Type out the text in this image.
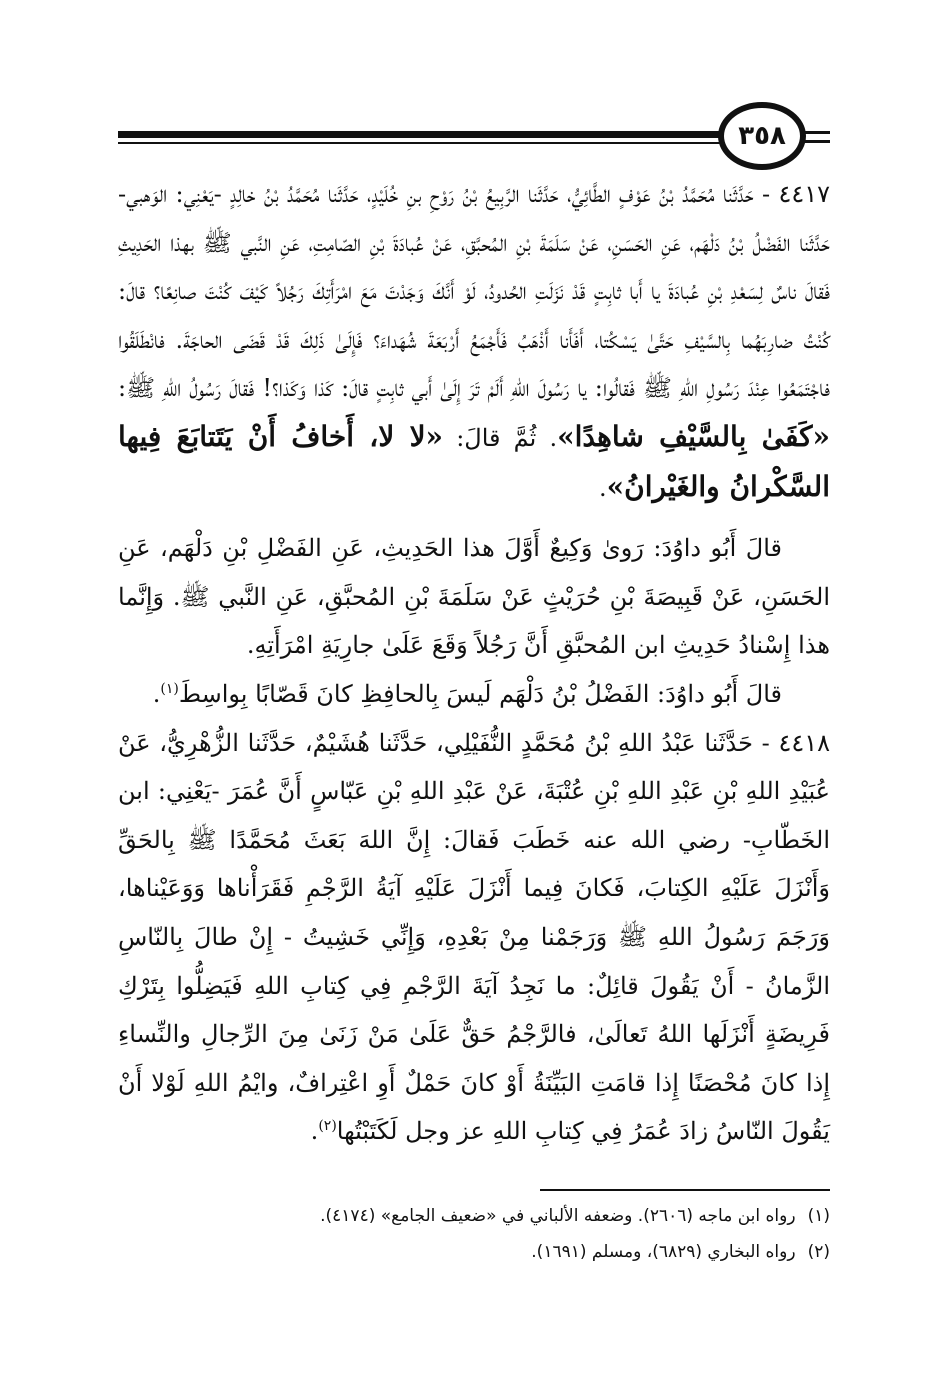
٣٥٨

٤٤١٧ - حَدَّثَنا مُحَمَّدُ بْنُ عَوْفٍ الطَّائِيُّ، حَدَّثَنا الرَّبِيعُ بْنُ رَوْحِ بنِ خُلَيْدٍ، حَدَّثَنا مُحَمَّدُ بْنُ خالِدٍ -يَعْنِي: الوَهبي- حَدَّثَنا الفَضْلُ بْنُ دَلْهَم، عَنِ الحَسَنِ، عَنْ سَلَمَةَ بْنِ المُحبَّقِ، عَنْ عُبادَةَ بْنِ الصّامِتِ، عَنِ النَّبي ﷺ بهذا الحَدِيثِ فَقالَ ناسٌ لِسَعْدِ بْنِ عُبادَةَ يا أَبا ثابِتٍ قَدْ نَزَلَتِ الحُدودُ، لَوْ أَنَّكَ وَجَدْتَ مَعَ امْرَأَتِكَ رَجُلاً كَيْفَ كُنْتَ صانِعًا؟ قالَ: كُنْتُ ضارِبَهُما بِالسَّيْفِ حَتَّىٰ يَسْكُتا، أَفَأَنا أَذْهَبُ فَأَجْمَعُ أَرْبَعَةَ شُهَداءَ؟ فَإِلَىٰ ذَلِكَ قَدْ قَضَى الحاجَةَ. فانْطَلَقُوا فاجْتَمَعُوا عِنْدَ رَسُولِ اللهِ ﷺ فَقالُوا: يا رَسُولَ اللهِ أَلَمْ تَرَ إِلَىٰ أَبي ثابِتٍ قالَ: كَذا وَكَذا؟! فَقالَ رَسُولُ اللهِ ﷺ: «كَفَىٰ بِالسَّيْفِ شاهِدًا». ثُمَّ قالَ: «لا لا، أَخافُ أَنْ يَتَتابَعَ فِيها السَّكْرانُ والغَيْرانُ».

قالَ أَبُو داوُدَ: رَوىٰ وَكِيعٌ أَوَّلَ هذا الحَدِيثِ، عَنِ الفَضْلِ بْنِ دَلْهَم، عَنِ الحَسَنِ، عَنْ قَبِيصَةَ بْنِ حُرَيْثٍ عَنْ سَلَمَةَ بْنِ المُحبَّقِ، عَنِ النَّبي ﷺ. وَإِنَّما هذا إِسْنادُ حَدِيثِ ابن المُحبَّقِ أَنَّ رَجُلاً وَقَعَ عَلَىٰ جارِيَةِ امْرَأَتِهِ.

قالَ أَبُو داوُدَ: الفَضْلُ بْنُ دَلْهَم لَيسَ بِالحافِظِ كانَ قَصّابًا بِواسِطَ$^{(١)}$.

٤٤١٨ - حَدَّثَنا عَبْدُ اللهِ بْنُ مُحَمَّدٍ النُّفَيْلِي، حَدَّثَنا هُشَيْمٌ، حَدَّثَنا الزُّهْرِيُّ، عَنْ عُبَيْدِ اللهِ بْنِ عَبْدِ اللهِ بْنِ عُتْبَةَ، عَنْ عَبْدِ اللهِ بْنِ عَبّاسٍ أَنَّ عُمَرَ -يَعْنِي: ابن الخَطّابِ- رضي الله عنه خَطَبَ فَقالَ: إِنَّ اللهَ بَعَثَ مُحَمَّدًا ﷺ بِالحَقِّ وَأَنْزَلَ عَلَيْهِ الكِتابَ، فَكانَ فِيما أَنْزَلَ عَلَيْهِ آيَةُ الرَّجْمِ فَقَرَأْناها وَوَعَيْناها، وَرَجَمَ رَسُولُ اللهِ ﷺ وَرَجَمْنا مِنْ بَعْدِهِ، وَإِنِّي خَشِيتُ - إِنْ طالَ بِالنّاسِ الزَّمانُ - أَنْ يَقُولَ قائِلٌ: ما نَجِدُ آيَةَ الرَّجْمِ فِي كِتابِ اللهِ فَيَضِلُّوا بِتَرْكِ فَرِيضَةٍ أَنْزَلَها اللهُ تَعالَىٰ، فالرَّجْمُ حَقٌّ عَلَىٰ مَنْ زَنَىٰ مِنَ الرِّجالِ والنِّساءِ إِذا كانَ مُحْصَنًا إِذا قامَتِ البَيِّنَةُ أَوْ كانَ حَمْلٌ أَوِ اعْتِرافٌ، وايْمُ اللهِ لَوْلا أَنْ يَقُولَ النّاسُ زادَ عُمَرُ فِي كِتابِ اللهِ عز وجل لَكَتَبْتُها$^{(٢)}$.

(١)رواه ابن ماجه (٢٦٠٦). وضعفه الألباني في «ضعيف الجامع» (٤١٧٤).

(٢)رواه البخاري (٦٨٢٩)، ومسلم (١٦٩١).
